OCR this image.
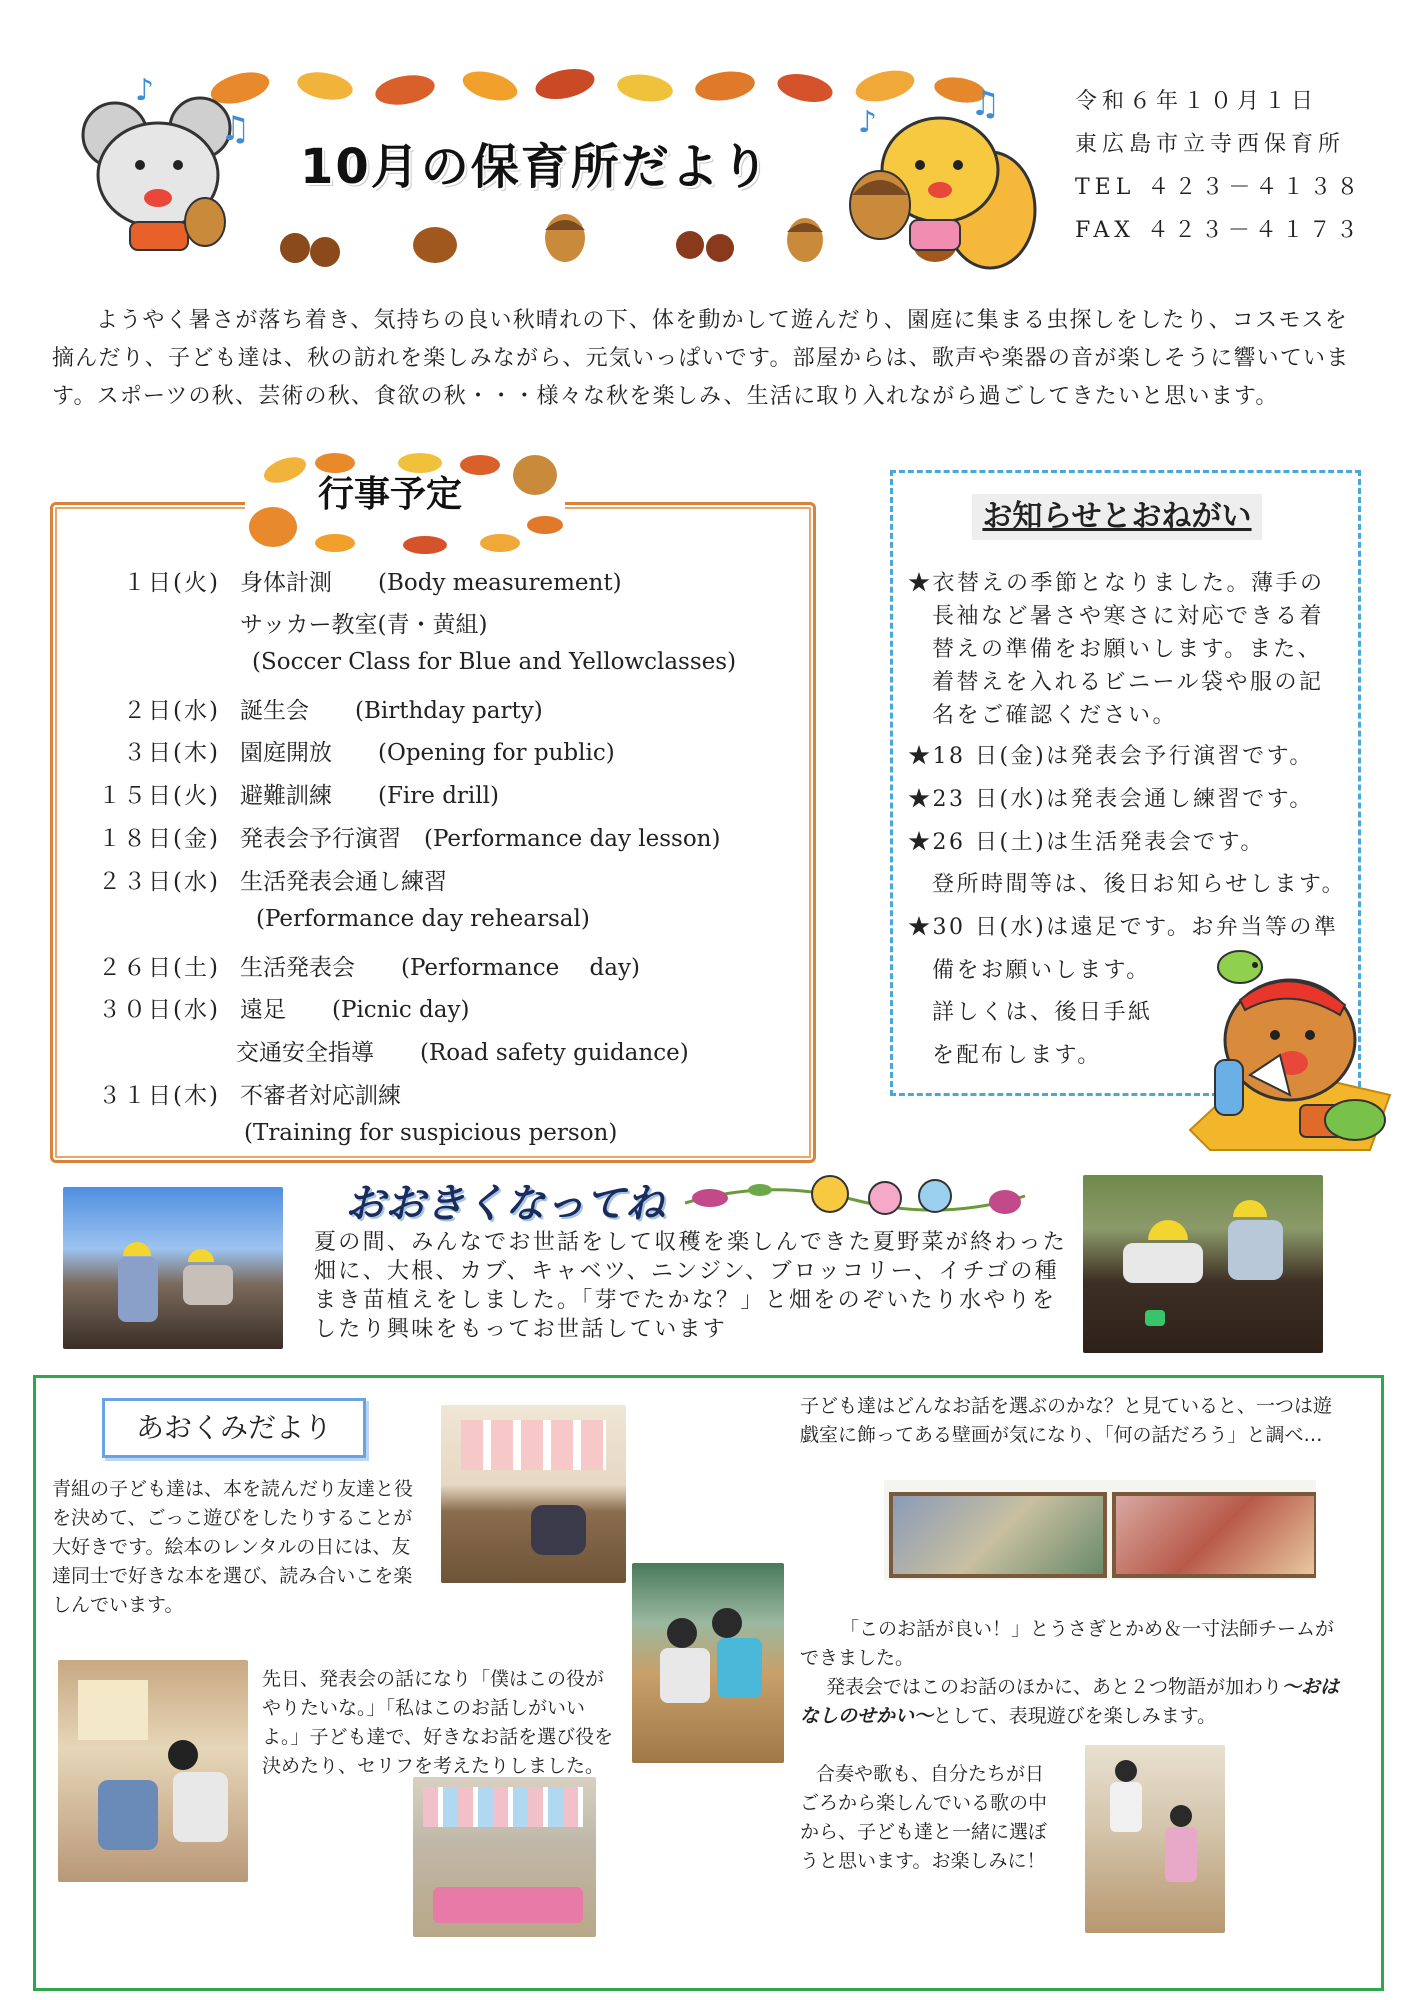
♪
♫	♪	♫
10月の保育所だより
令和６年１０月１日
東広島市立寺西保育所
TEL ４２３－４１３８
FAX ４２３－４１７３
ようやく暑さが落ち着き、気持ちの良い秋晴れの下、体を動かして遊んだり、園庭に集まる虫探しをしたり、コスモスを摘んだり、子ども達は、秋の訪れを楽しみながら、元気いっぱいです。部屋からは、歌声や楽器の音が楽しそうに響いています。スポーツの秋、芸術の秋、食欲の秋・・・様々な秋を楽しみ、生活に取り入れながら過ごしてきたいと思います。
行事予定
１日(火) 身体計測　　(Body measurement)
サッカー教室(青・黄組)
(Soccer Class for Blue and Yellowclasses)
２日(水) 誕生会　　(Birthday party)
３日(木) 園庭開放　　(Opening for public)
１５日(火) 避難訓練　　(Fire drill)
１８日(金) 発表会予行演習　(Performance day lesson)
２３日(水) 生活発表会通し練習
(Performance day rehearsal)
２６日(土) 生活発表会　　(Performance　 day)
３０日(水) 遠足　　(Picnic day)
交通安全指導　　(Road safety guidance)
３１日(木) 不審者対応訓練
(Training for suspicious person)
お知らせとおねがい
★衣替えの季節となりました。薄手の
長袖など暑さや寒さに対応できる着
替えの準備をお願いします。また、
着替えを入れるビニール袋や服の記
名をご確認ください。
★18 日(金)は発表会予行演習です。
★23 日(水)は発表会通し練習です。
★26 日(土)は生活発表会です。
登所時間等は、後日お知らせします。
★30 日(水)は遠足です。お弁当等の準
備をお願いします。
詳しくは、後日手紙
を配布します。
おおきくなってね
夏の間、みんなでお世話をして収穫を楽しんできた夏野菜が終わった畑に、大根、カブ、キャベツ、ニンジン、ブロッコリー、イチゴの種まき苗植えをしました。「芽でたかな？」と畑をのぞいたり水やりをしたり興味をもってお世話しています
あおくみだより
青組の子ども達は、本を読んだり友達と役を決めて、ごっこ遊びをしたりすることが大好きです。絵本のレンタルの日には、友達同士で好きな本を選び、読み合いこを楽しんでいます。
先日、発表会の話になり「僕はこの役がやりたいな。」「私はこのお話しがいいよ。」子ども達で、好きなお話を選び役を決めたり、セリフを考えたりしました。
子ども達はどんなお話を選ぶのかな？と見ていると、一つは遊戯室に飾ってある壁画が気になり、「何の話だろう」と調べ…
「このお話が良い！」とうさぎとかめ＆一寸法師チームができました。
発表会ではこのお話のほかに、あと２つ物語が加わり～おはなしのせかい～として、表現遊びを楽しみます。
合奏や歌も、自分たちが日ごろから楽しんでいる歌の中から、子ども達と一緒に選ぼうと思います。お楽しみに！
